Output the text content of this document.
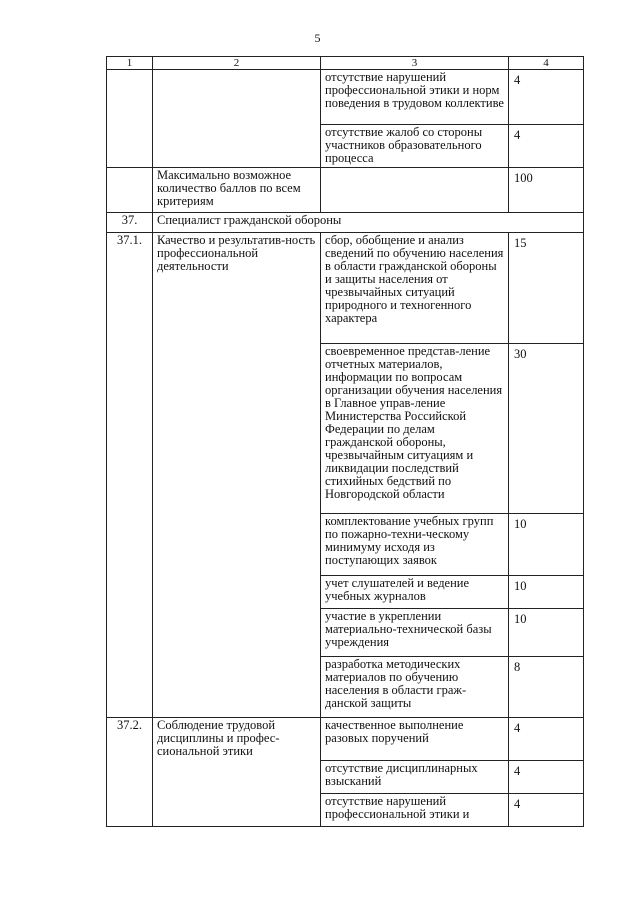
5
1	2	3	4
		отсутствие нарушений профессиональной этики и норм поведения в трудовом коллективе	4
		отсутствие жалоб со стороны участников образовательного процесса	4
	Максимально возможное количество баллов по всем критериям		100
37.	Специалист гражданской обороны		
37.1.	Качество и результатив-ность профессиональной деятельности	сбор, обобщение и анализ сведений по обучению населения в области гражданской обороны и защиты населения от чрезвычайных ситуаций природного и техногенного характера	15
		своевременное представ-ление отчетных материалов, информации по вопросам организации обучения населения в Главное управ-ление Министерства Российской Федерации по делам гражданской обороны, чрезвычайным ситуациям и ликвидации последствий стихийных бедствий по Новгородской области	30
		комплектование учебных групп по пожарно-техни-ческому минимуму исходя из поступающих заявок	10
		учет слушателей и ведение учебных журналов	10
		участие в укреплении материально-технической базы учреждения	10
		разработка методических материалов по обучению населения в области граж-данской защиты	8
37.2.	Соблюдение трудовой дисциплины и профес-сиональной этики	качественное выполнение разовых поручений	4
		отсутствие дисциплинарных взысканий	4
		отсутствие нарушений профессиональной этики и	4
